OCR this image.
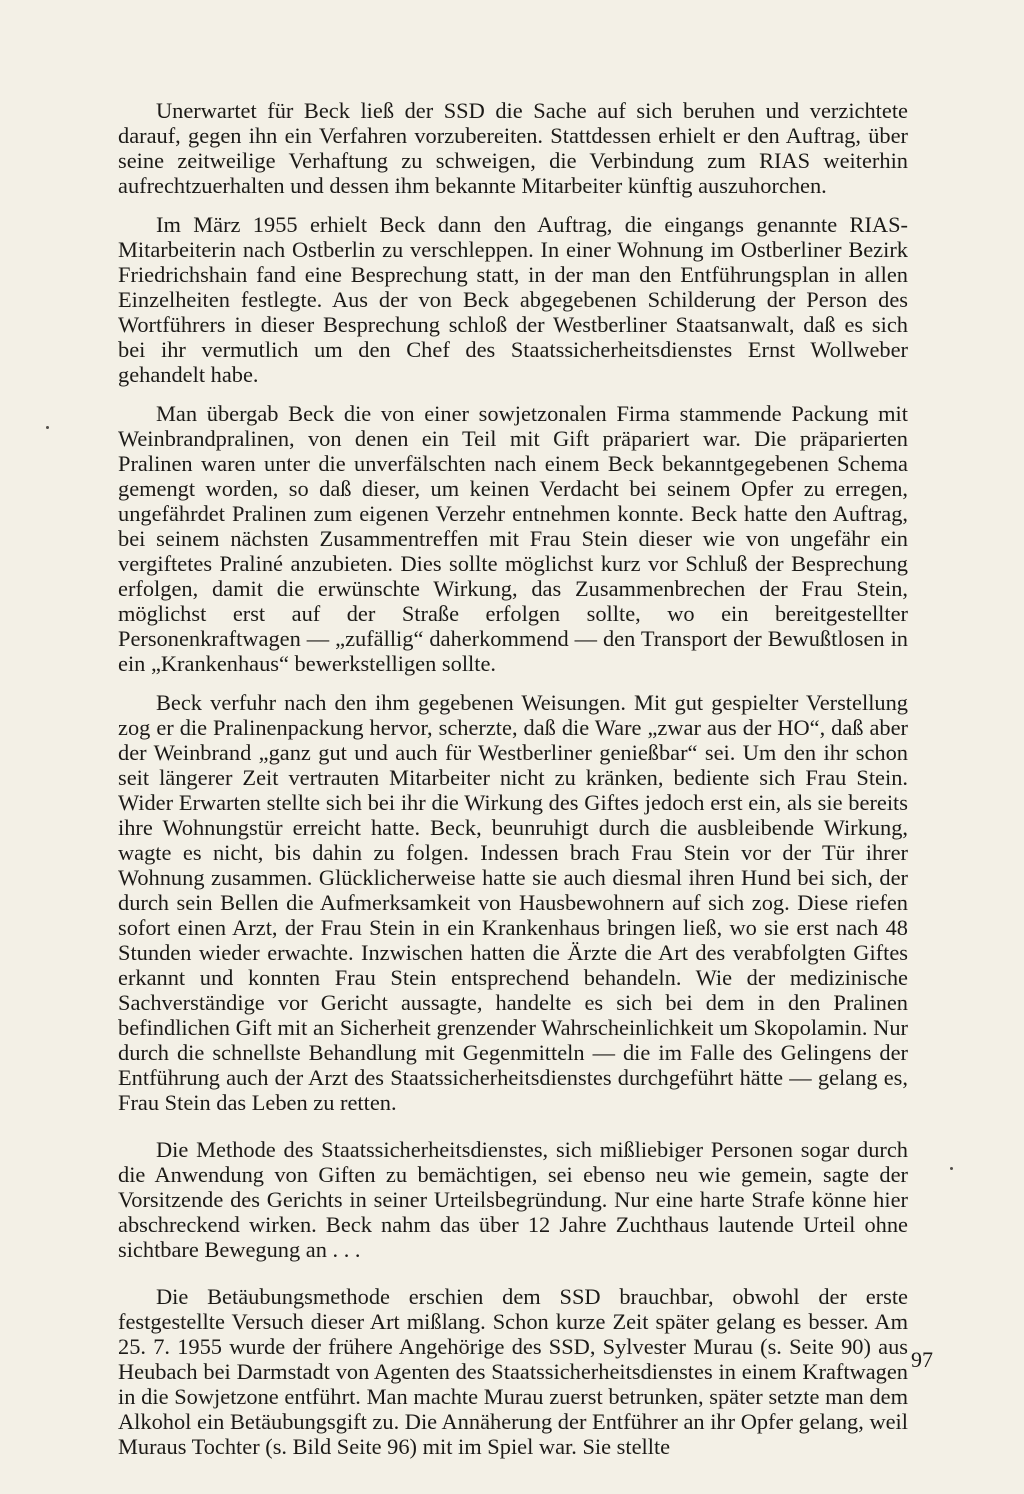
Unerwartet für Beck ließ der SSD die Sache auf sich beruhen und verzichtete darauf, gegen ihn ein Verfahren vorzubereiten. Stattdessen erhielt er den Auftrag, über seine zeitweilige Verhaftung zu schweigen, die Verbindung zum RIAS weiterhin aufrechtzuerhalten und dessen ihm bekannte Mitarbeiter künftig auszuhorchen.

Im März 1955 erhielt Beck dann den Auftrag, die eingangs genannte RIAS-Mitarbeiterin nach Ostberlin zu verschleppen. In einer Wohnung im Ostberliner Bezirk Friedrichshain fand eine Besprechung statt, in der man den Entführungsplan in allen Einzelheiten festlegte. Aus der von Beck abgegebenen Schilderung der Person des Wortführers in dieser Besprechung schloß der Westberliner Staatsanwalt, daß es sich bei ihr vermutlich um den Chef des Staatssicherheitsdienstes Ernst Wollweber gehandelt habe.

Man übergab Beck die von einer sowjetzonalen Firma stammende Packung mit Weinbrandpralinen, von denen ein Teil mit Gift präpariert war. Die präparierten Pralinen waren unter die unverfälschten nach einem Beck bekanntgegebenen Schema gemengt worden, so daß dieser, um keinen Verdacht bei seinem Opfer zu erregen, ungefährdet Pralinen zum eigenen Verzehr entnehmen konnte. Beck hatte den Auftrag, bei seinem nächsten Zusammentreffen mit Frau Stein dieser wie von ungefähr ein vergiftetes Praliné anzubieten. Dies sollte möglichst kurz vor Schluß der Besprechung erfolgen, damit die erwünschte Wirkung, das Zusammenbrechen der Frau Stein, möglichst erst auf der Straße erfolgen sollte, wo ein bereitgestellter Personenkraftwagen — „zufällig“ daherkommend — den Transport der Bewußtlosen in ein „Krankenhaus“ bewerkstelligen sollte.

Beck verfuhr nach den ihm gegebenen Weisungen. Mit gut gespielter Verstellung zog er die Pralinenpackung hervor, scherzte, daß die Ware „zwar aus der HO“, daß aber der Weinbrand „ganz gut und auch für Westberliner genießbar“ sei. Um den ihr schon seit längerer Zeit vertrauten Mitarbeiter nicht zu kränken, bediente sich Frau Stein. Wider Erwarten stellte sich bei ihr die Wirkung des Giftes jedoch erst ein, als sie bereits ihre Wohnungstür erreicht hatte. Beck, beunruhigt durch die ausbleibende Wirkung, wagte es nicht, bis dahin zu folgen. Indessen brach Frau Stein vor der Tür ihrer Wohnung zusammen. Glücklicherweise hatte sie auch diesmal ihren Hund bei sich, der durch sein Bellen die Aufmerksamkeit von Hausbewohnern auf sich zog. Diese riefen sofort einen Arzt, der Frau Stein in ein Krankenhaus bringen ließ, wo sie erst nach 48 Stunden wieder erwachte. Inzwischen hatten die Ärzte die Art des verabfolgten Giftes erkannt und konnten Frau Stein entsprechend behandeln. Wie der medizinische Sachverständige vor Gericht aussagte, handelte es sich bei dem in den Pralinen befindlichen Gift mit an Sicherheit grenzender Wahrscheinlichkeit um Skopolamin. Nur durch die schnellste Behandlung mit Gegenmitteln — die im Falle des Gelingens der Entführung auch der Arzt des Staatssicherheitsdienstes durchgeführt hätte — gelang es, Frau Stein das Leben zu retten.

Die Methode des Staatssicherheitsdienstes, sich mißliebiger Personen sogar durch die Anwendung von Giften zu bemächtigen, sei ebenso neu wie gemein, sagte der Vorsitzende des Gerichts in seiner Urteilsbegründung. Nur eine harte Strafe könne hier abschreckend wirken. Beck nahm das über 12 Jahre Zuchthaus lautende Urteil ohne sichtbare Bewegung an . . .

Die Betäubungsmethode erschien dem SSD brauchbar, obwohl der erste festgestellte Versuch dieser Art mißlang. Schon kurze Zeit später gelang es besser. Am 25. 7. 1955 wurde der frühere Angehörige des SSD, Sylvester Murau (s. Seite 90) aus Heubach bei Darmstadt von Agenten des Staatssicherheitsdienstes in einem Kraftwagen in die Sowjetzone entführt. Man machte Murau zuerst betrunken, später setzte man dem Alkohol ein Betäubungsgift zu. Die Annäherung der Entführer an ihr Opfer gelang, weil Muraus Tochter (s. Bild Seite 96) mit im Spiel war. Sie stellte

97
